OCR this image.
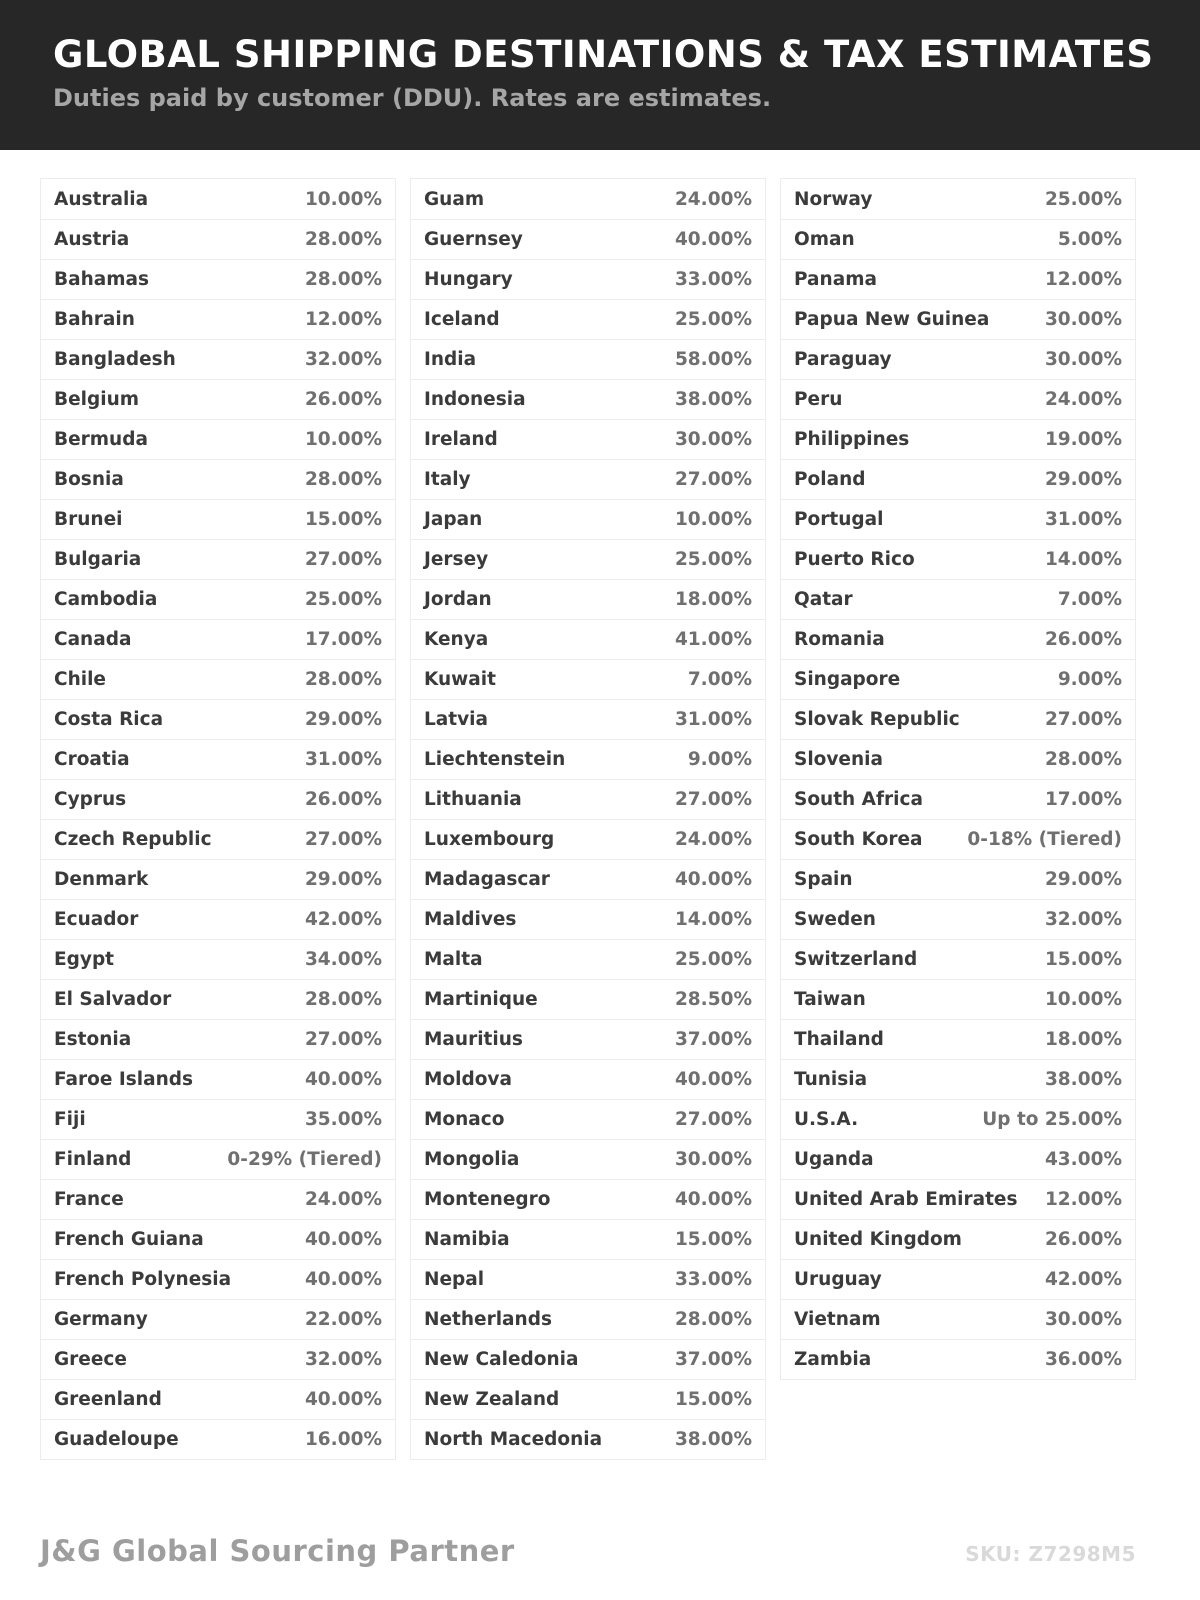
GLOBAL SHIPPING DESTINATIONS & TAX ESTIMATES
Duties paid by customer (DDU). Rates are estimates.
Australia	10.00%
Austria	28.00%
Bahamas	28.00%
Bahrain	12.00%
Bangladesh	32.00%
Belgium	26.00%
Bermuda	10.00%
Bosnia	28.00%
Brunei	15.00%
Bulgaria	27.00%
Cambodia	25.00%
Canada	17.00%
Chile	28.00%
Costa Rica	29.00%
Croatia	31.00%
Cyprus	26.00%
Czech Republic	27.00%
Denmark	29.00%
Ecuador	42.00%
Egypt	34.00%
El Salvador	28.00%
Estonia	27.00%
Faroe Islands	40.00%
Fiji	35.00%
Finland	0-29% (Tiered)
France	24.00%
French Guiana	40.00%
French Polynesia	40.00%
Germany	22.00%
Greece	32.00%
Greenland	40.00%
Guadeloupe	16.00%
Guam	24.00%
Guernsey	40.00%
Hungary	33.00%
Iceland	25.00%
India	58.00%
Indonesia	38.00%
Ireland	30.00%
Italy	27.00%
Japan	10.00%
Jersey	25.00%
Jordan	18.00%
Kenya	41.00%
Kuwait	7.00%
Latvia	31.00%
Liechtenstein	9.00%
Lithuania	27.00%
Luxembourg	24.00%
Madagascar	40.00%
Maldives	14.00%
Malta	25.00%
Martinique	28.50%
Mauritius	37.00%
Moldova	40.00%
Monaco	27.00%
Mongolia	30.00%
Montenegro	40.00%
Namibia	15.00%
Nepal	33.00%
Netherlands	28.00%
New Caledonia	37.00%
New Zealand	15.00%
North Macedonia	38.00%
Norway	25.00%
Oman	5.00%
Panama	12.00%
Papua New Guinea	30.00%
Paraguay	30.00%
Peru	24.00%
Philippines	19.00%
Poland	29.00%
Portugal	31.00%
Puerto Rico	14.00%
Qatar	7.00%
Romania	26.00%
Singapore	9.00%
Slovak Republic	27.00%
Slovenia	28.00%
South Africa	17.00%
South Korea 0-18% (Tiered)
Spain	29.00%
Sweden	32.00%
Switzerland	15.00%
Taiwan	10.00%
Thailand	18.00%
Tunisia	38.00%
U.S.A.	Up to 25.00%
Uganda	43.00%
United Arab Emirates 12.00%
United Kingdom	26.00%
Uruguay	42.00%
Vietnam	30.00%
Zambia	36.00%
J&G Global Sourcing Partner	SKU: Z7298M5
